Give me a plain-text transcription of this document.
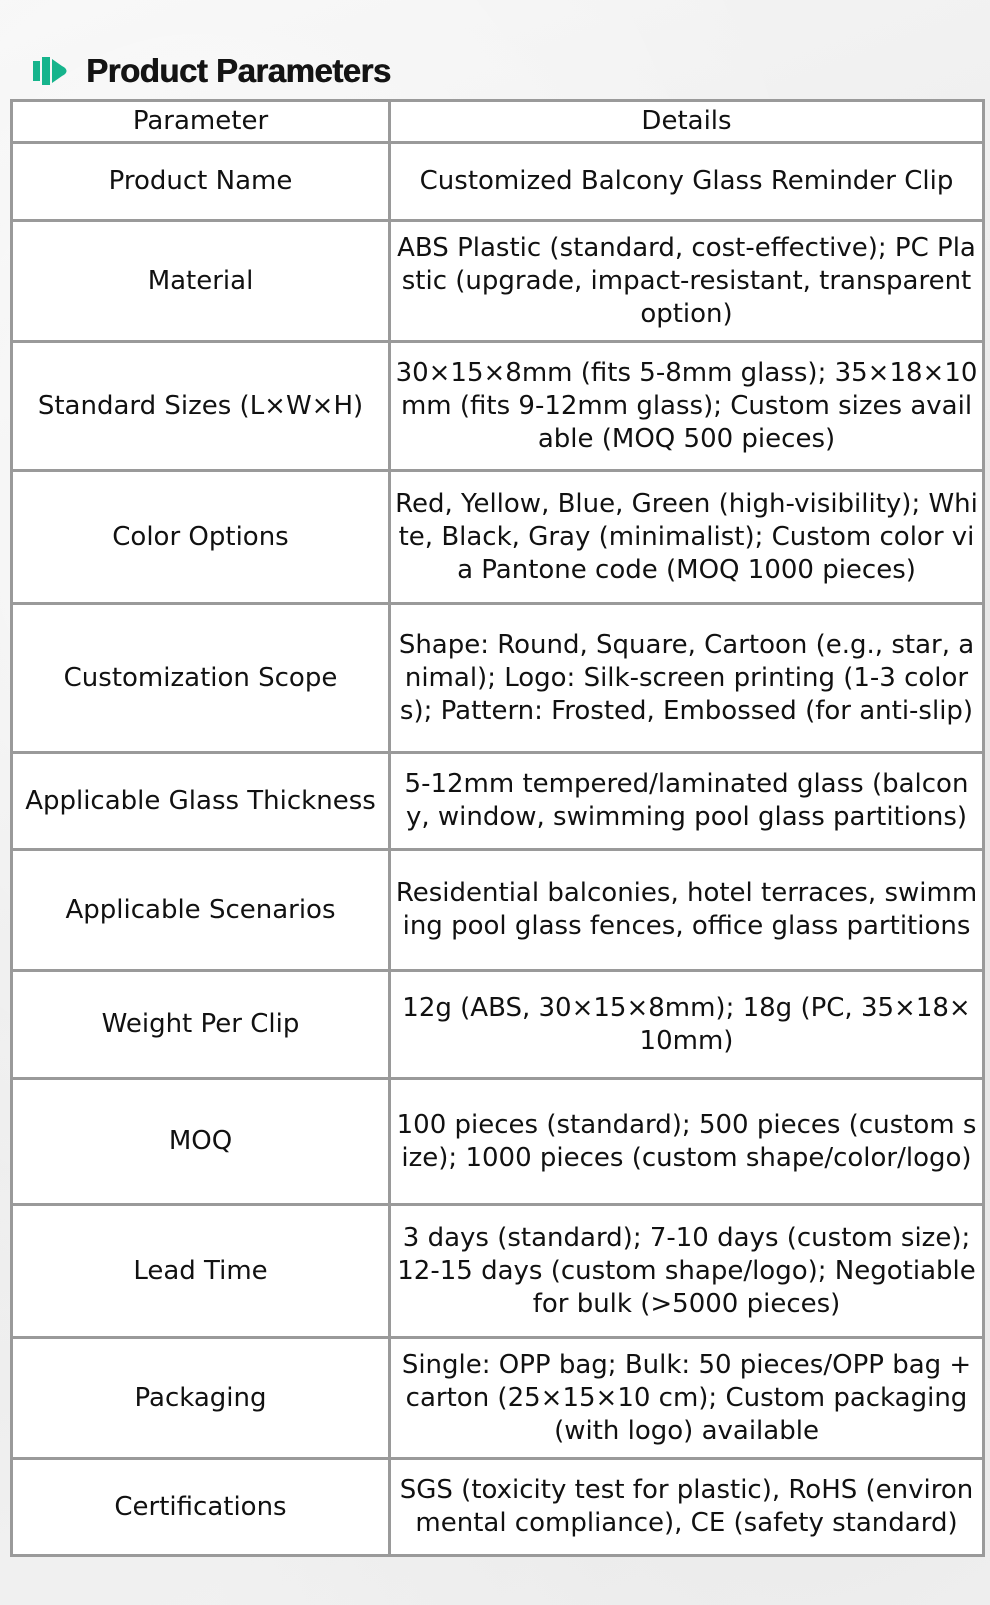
Product Parameters
Parameter	Details
Product Name	Customized Balcony Glass Reminder Clip
Material	ABS Plastic (standard, cost-effective); PC Plastic (upgrade, impact-resistant, transparent option)
Standard Sizes (L×W×H)	30×15×8mm (fits 5-8mm glass); 35×18×10mm (fits 9-12mm glass); Custom sizes available (MOQ 500 pieces)
Color Options	Red, Yellow, Blue, Green (high-visibility); White, Black, Gray (minimalist); Custom color via Pantone code (MOQ 1000 pieces)
Customization Scope	Shape: Round, Square, Cartoon (e.g., star, animal); Logo: Silk-screen printing (1-3 colors); Pattern: Frosted, Embossed (for anti-slip)
Applicable Glass Thickness	5-12mm tempered/laminated glass (balcony, window, swimming pool glass partitions)
Applicable Scenarios	Residential balconies, hotel terraces, swimming pool glass fences, office glass partitions
Weight Per Clip	12g (ABS, 30×15×8mm); 18g (PC, 35×18×10mm)
MOQ	100 pieces (standard); 500 pieces (custom size); 1000 pieces (custom shape/color/logo)
Lead Time	3 days (standard); 7-10 days (custom size); 12-15 days (custom shape/logo); Negotiable for bulk (>5000 pieces)
Packaging	Single: OPP bag; Bulk: 50 pieces/OPP bag + carton (25×15×10 cm); Custom packaging (with logo) available
Certifications	SGS (toxicity test for plastic), RoHS (environmental compliance), CE (safety standard)
